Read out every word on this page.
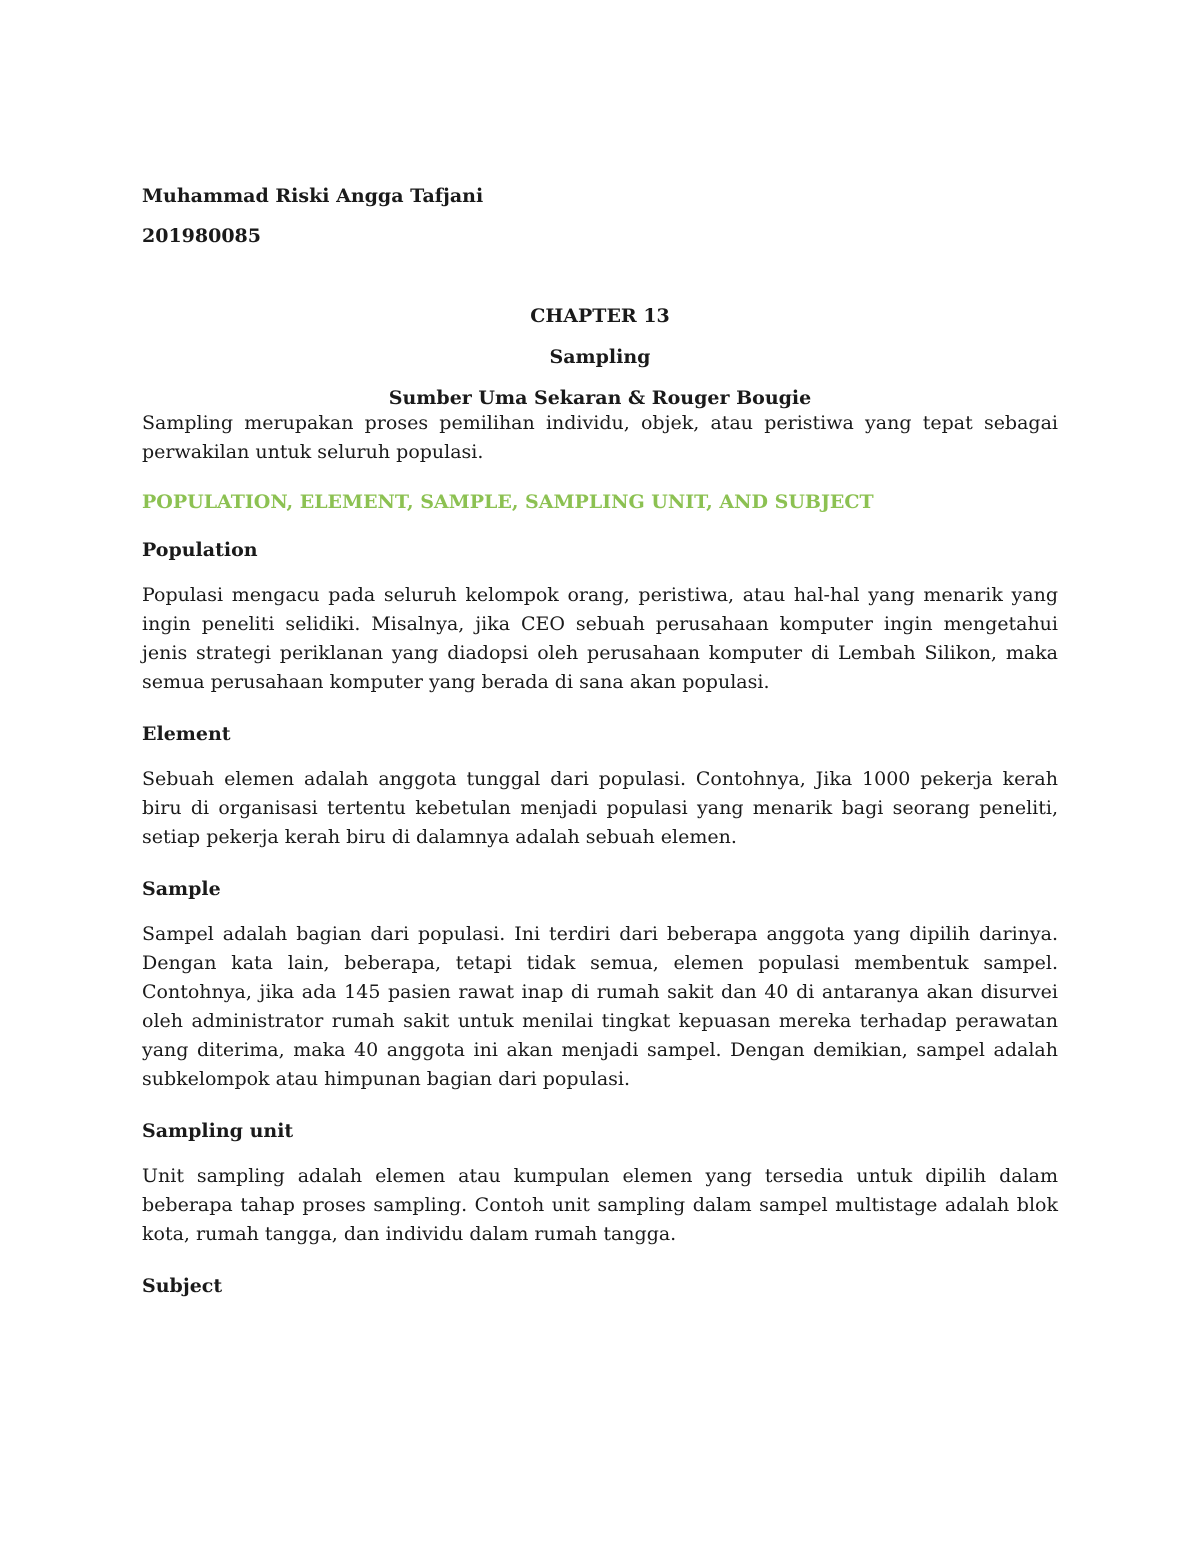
Muhammad Riski Angga Tafjani

201980085

CHAPTER 13

Sampling

Sumber Uma Sekaran & Rouger Bougie

Sampling merupakan proses pemilihan individu, objek, atau peristiwa yang tepat sebagai perwakilan untuk seluruh populasi.

POPULATION, ELEMENT, SAMPLE, SAMPLING UNIT, AND SUBJECT

Population

Populasi mengacu pada seluruh kelompok orang, peristiwa, atau hal-hal yang menarik yang ingin peneliti selidiki. Misalnya, jika CEO sebuah perusahaan komputer ingin mengetahui jenis strategi periklanan yang diadopsi oleh perusahaan komputer di Lembah Silikon, maka semua perusahaan komputer yang berada di sana akan populasi.

Element

Sebuah elemen adalah anggota tunggal dari populasi. Contohnya, Jika 1000 pekerja kerah biru di organisasi tertentu kebetulan menjadi populasi yang menarik bagi seorang peneliti, setiap pekerja kerah biru di dalamnya adalah sebuah elemen.

Sample

Sampel adalah bagian dari populasi. Ini terdiri dari beberapa anggota yang dipilih darinya. Dengan kata lain, beberapa, tetapi tidak semua, elemen populasi membentuk sampel. Contohnya, jika ada 145 pasien rawat inap di rumah sakit dan 40 di antaranya akan disurvei oleh administrator rumah sakit untuk menilai tingkat kepuasan mereka terhadap perawatan yang diterima, maka 40 anggota ini akan menjadi sampel. Dengan demikian, sampel adalah subkelompok atau himpunan bagian dari populasi.

Sampling unit

Unit sampling adalah elemen atau kumpulan elemen yang tersedia untuk dipilih dalam beberapa tahap proses sampling. Contoh unit sampling dalam sampel multistage adalah blok kota, rumah tangga, dan individu dalam rumah tangga.

Subject
